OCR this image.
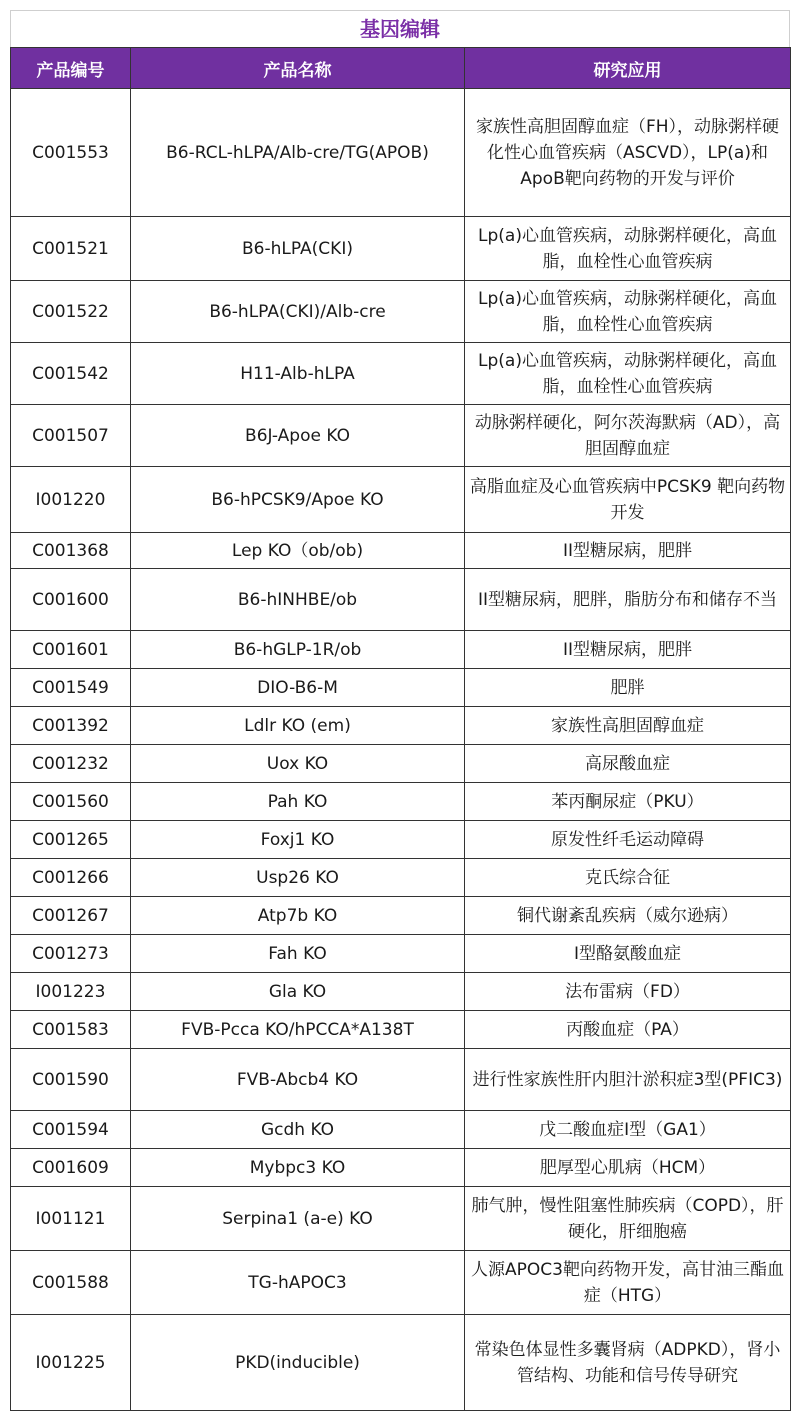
基因编辑
产品编号	产品名称	研究应用
C001553	B6-RCL-hLPA/Alb-cre/TG(APOB)	家族性高胆固醇血症（FH），动脉粥样硬化性心血管疾病（ASCVD），LP(a)和ApoB靶向药物的开发与评价
C001521	B6-hLPA(CKI)	Lp(a)心血管疾病，动脉粥样硬化，高血脂，血栓性心血管疾病
C001522	B6-hLPA(CKI)/Alb-cre	Lp(a)心血管疾病，动脉粥样硬化，高血脂，血栓性心血管疾病
C001542	H11-Alb-hLPA	Lp(a)心血管疾病，动脉粥样硬化，高血脂，血栓性心血管疾病
C001507	B6J-Apoe KO	动脉粥样硬化，阿尔茨海默病（AD），高胆固醇血症
I001220	B6-hPCSK9/Apoe KO	高脂血症及心血管疾病中PCSK9 靶向药物开发
C001368	Lep KO（ob/ob)	II型糖尿病，肥胖
C001600	B6-hINHBE/ob	II型糖尿病，肥胖，脂肪分布和储存不当
C001601	B6-hGLP-1R/ob	II型糖尿病，肥胖
C001549	DIO-B6-M	肥胖
C001392	Ldlr KO (em)	家族性高胆固醇血症
C001232	Uox KO	高尿酸血症
C001560	Pah KO	苯丙酮尿症（PKU）
C001265	Foxj1 KO	原发性纤毛运动障碍
C001266	Usp26 KO	克氏综合征
C001267	Atp7b KO	铜代谢紊乱疾病（威尔逊病）
C001273	Fah KO	I型酪氨酸血症
I001223	Gla KO	法布雷病（FD）
C001583	FVB-Pcca KO/hPCCA*A138T	丙酸血症（PA）
C001590	FVB-Abcb4 KO	进行性家族性肝内胆汁淤积症3型(PFIC3)
C001594	Gcdh KO	戊二酸血症I型（GA1）
C001609	Mybpc3 KO	肥厚型心肌病（HCM）
I001121	Serpina1 (a-e) KO	肺气肿，慢性阻塞性肺疾病（COPD），肝硬化，肝细胞癌
C001588	TG-hAPOC3	人源APOC3靶向药物开发，高甘油三酯血症（HTG）
I001225	PKD(inducible)	常染色体显性多囊肾病（ADPKD），肾小管结构、功能和信号传导研究
